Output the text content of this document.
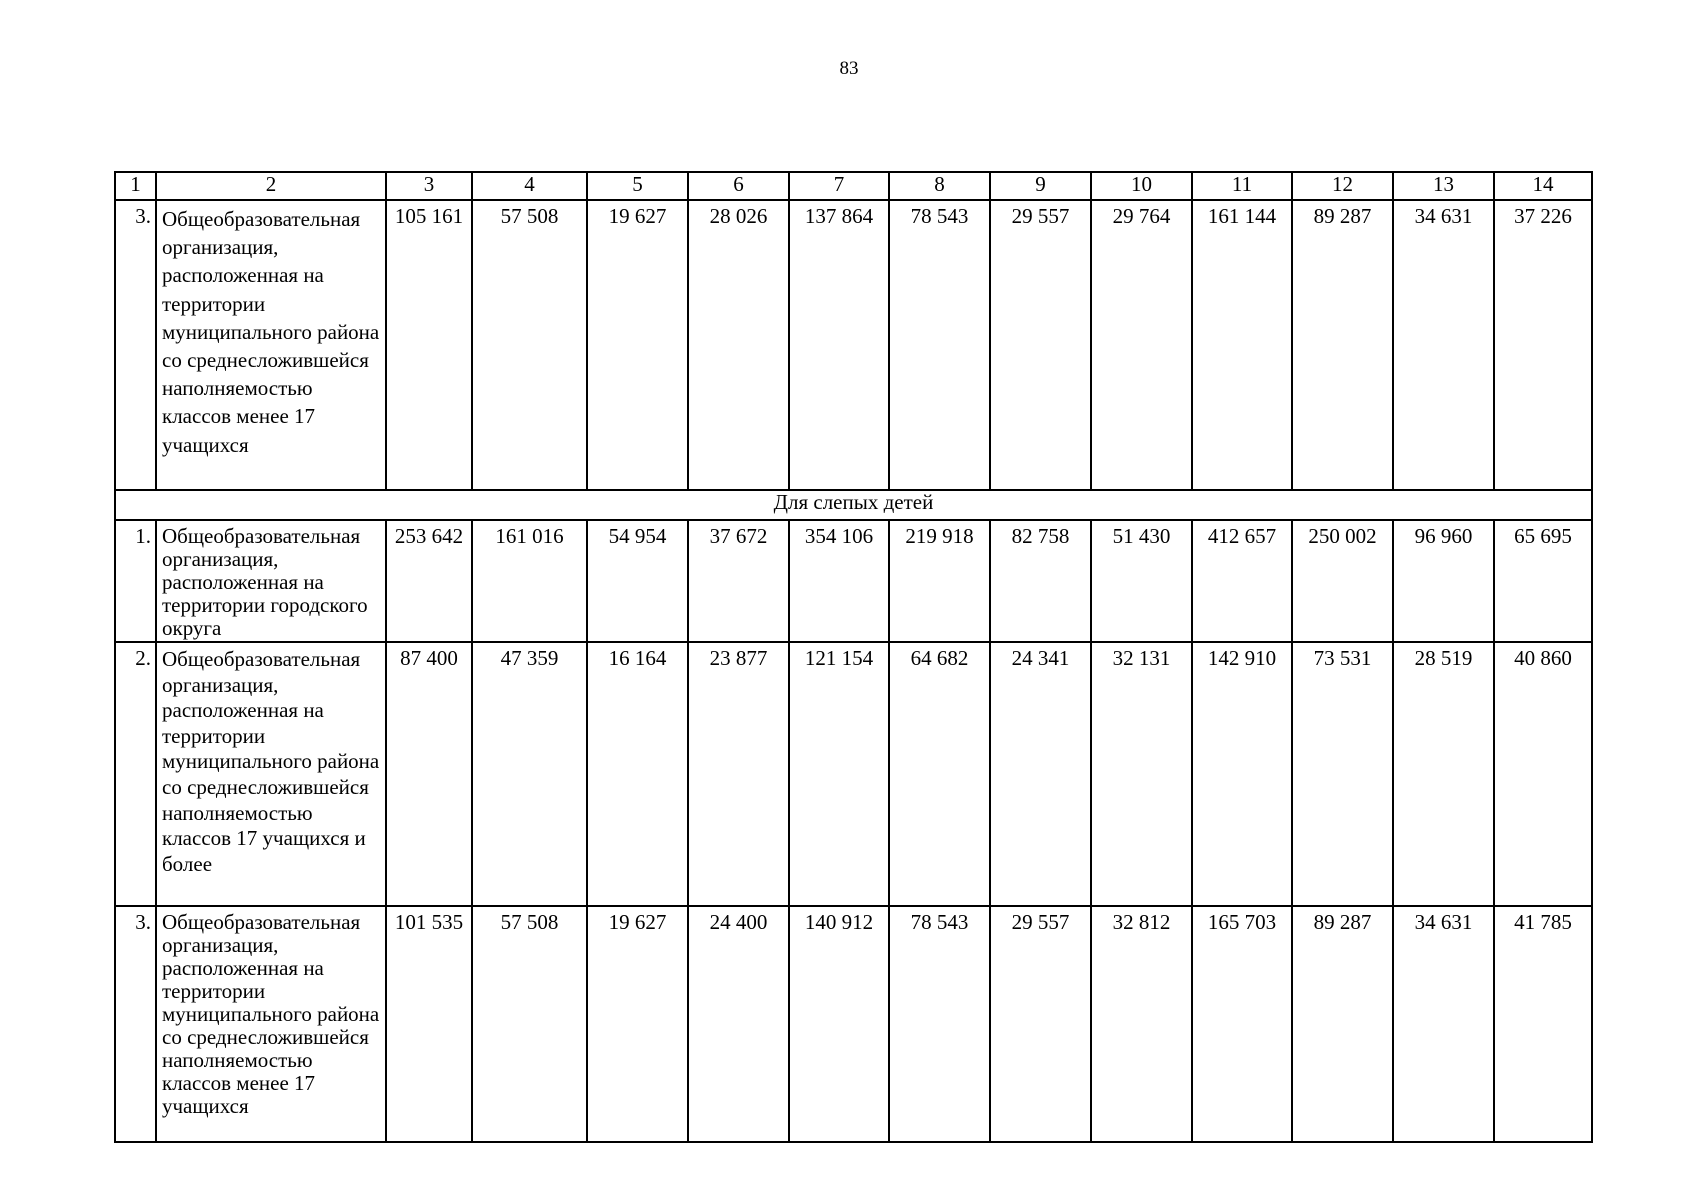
83
1	2	3	4	5	6	7	8	9	10	11	12	13	14
3.	Общеобразовательная организация, расположенная на территории муниципального района со среднесложившейся наполняемостью классов менее 17 учащихся	105 161	57 508	19 627	28 026	137 864	78 543	29 557	29 764	161 144	89 287	34 631	37 226
Для слепых детей													
1.	Общеобразовательная организация, расположенная на территории городского округа	253 642	161 016	54 954	37 672	354 106	219 918	82 758	51 430	412 657	250 002	96 960	65 695
2.	Общеобразовательная организация, расположенная на территории муниципального района со среднесложившейся наполняемостью классов 17 учащихся и более	87 400	47 359	16 164	23 877	121 154	64 682	24 341	32 131	142 910	73 531	28 519	40 860
3.	Общеобразовательная организация, расположенная на территории муниципального района со среднесложившейся наполняемостью классов менее 17 учащихся	101 535	57 508	19 627	24 400	140 912	78 543	29 557	32 812	165 703	89 287	34 631	41 785
